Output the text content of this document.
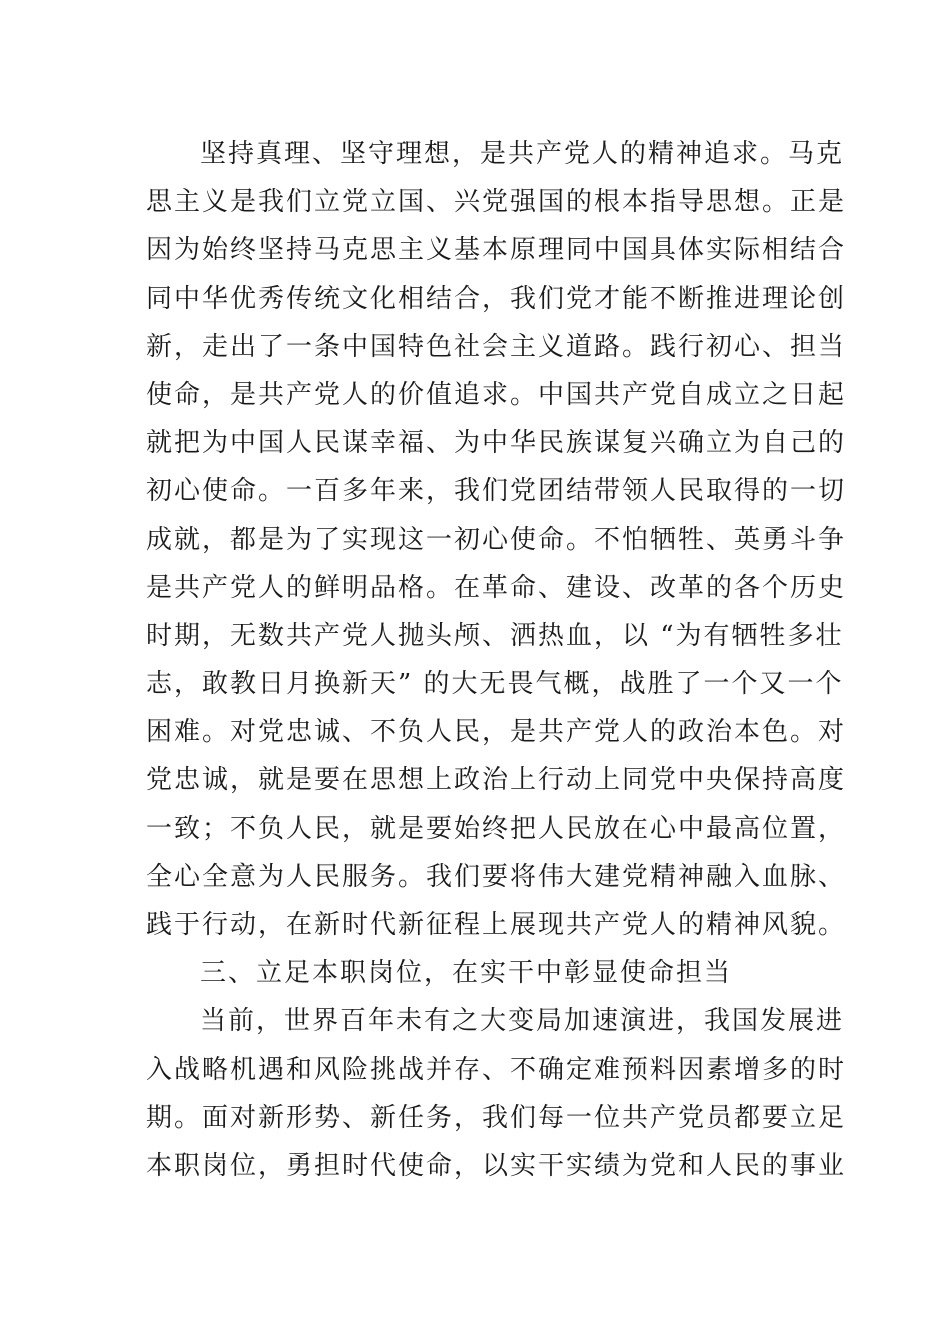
坚持真理、坚守理想，是共产党人的精神追求。马克
思主义是我们立党立国、兴党强国的根本指导思想。正是
因为始终坚持马克思主义基本原理同中国具体实际相结合
同中华优秀传统文化相结合，我们党才能不断推进理论创
新，走出了一条中国特色社会主义道路。践行初心、担当
使命，是共产党人的价值追求。中国共产党自成立之日起
就把为中国人民谋幸福、为中华民族谋复兴确立为自己的
初心使命。一百多年来，我们党团结带领人民取得的一切
成就，都是为了实现这一初心使命。不怕牺牲、英勇斗争
是共产党人的鲜明品格。在革命、建设、改革的各个历史
时期，无数共产党人抛头颅、洒热血，以 “为有牺牲多壮
志，敢教日月换新天” 的大无畏气概，战胜了一个又一个
困难。对党忠诚、不负人民，是共产党人的政治本色。对
党忠诚，就是要在思想上政治上行动上同党中央保持高度
一致；不负人民，就是要始终把人民放在心中最高位置，
全心全意为人民服务。我们要将伟大建党精神融入血脉、
践于行动，在新时代新征程上展现共产党人的精神风貌。
三、立足本职岗位，在实干中彰显使命担当
当前，世界百年未有之大变局加速演进，我国发展进
入战略机遇和风险挑战并存、不确定难预料因素增多的时
期。面对新形势、新任务，我们每一位共产党员都要立足
本职岗位，勇担时代使命，以实干实绩为党和人民的事业
